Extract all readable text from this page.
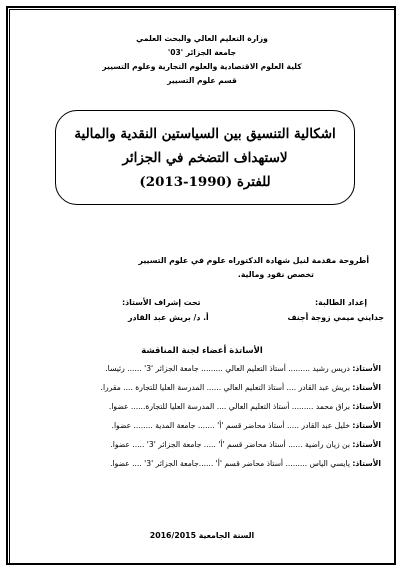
وزارة التعليم العالي والبحث العلمي
جامعة الجزائر '03'
كلية العلوم الاقتصادية والعلوم التجارية وعلوم التسيير
قسم علوم التسيير
اشكالية التنسيق بين السياستين النقدية والمالية
لاستهداف التضخم في الجزائر
للفترة (1990-2013)
أطروحة مقدمة لنيل شهادة الدكتوراه علوم في علوم التسيير
تخصص نقود ومالية.
إعداد الطالبة:
جدايني ميمي زوجة أجنف
تحت إشراف الأستاذ:
أ. د/ بريش عبد القادر
الأساتذة أعضاء لجنة المناقشة
الأستاذ: دريس رشيد ......... أستاذ التعليم العالي ......... جامعة الجزائر '3' ...... رئيسا.
الأستاذ: بريش عبد القادر .... أستاذ التعليم العالي ...... المدرسة العليا للتجارة .... مقررا.
الأستاذ: براق محمد ......... أستاذ التعليم العالي .... المدرسة العليا للتجارة...... عضوا.
الأستاذ: خليل عبد القادر ..... أستاذ محاضر قسم 'أ' ....... جامعة المدية ........ عضوا.
الأستاذ: بن زيان راضية ...... أستاذ محاضر قسم 'أ' ..... جامعة الجزائر '3' ..... عضوا.
الأستاذ: يايسي الياس ......... أستاذ محاضر قسم 'أ' ......جامعة الجزائر '3' .... عضوا.
السنة الجامعية 2016/2015
